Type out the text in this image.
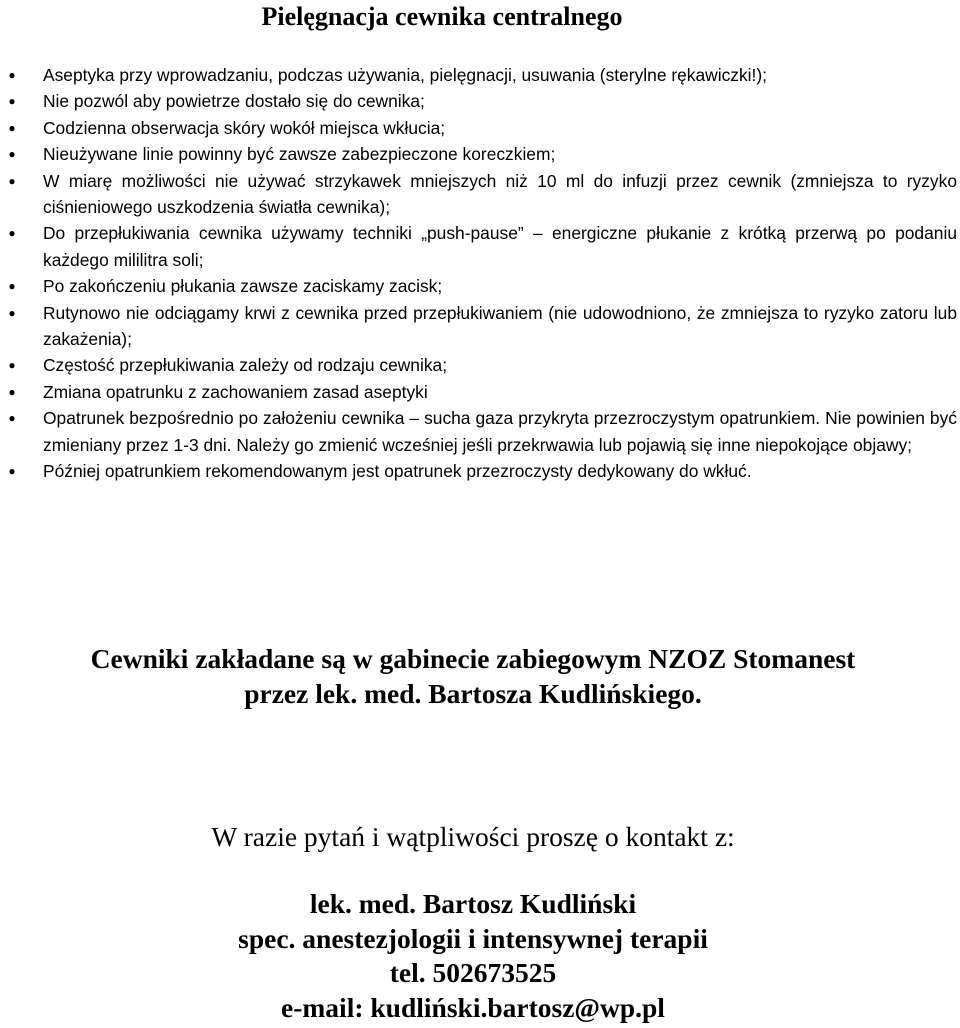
Pielęgnacja cewnika centralnego
● Aseptyka przy wprowadzaniu, podczas używania, pielęgnacji, usuwania (sterylne rękawiczki!);
● Nie pozwól aby powietrze dostało się do cewnika;
● Codzienna obserwacja skóry wokół miejsca wkłucia;
● Nieużywane linie powinny być zawsze zabezpieczone koreczkiem;
● W miarę możliwości nie używać strzykawek mniejszych niż 10 ml do infuzji przez cewnik (zmniejsza to ryzyko ciśnieniowego uszkodzenia światła cewnika);
● Do przepłukiwania cewnika używamy techniki „push-pause” – energiczne płukanie z krótką przerwą po podaniu każdego mililitra soli;
● Po zakończeniu płukania zawsze zaciskamy zacisk;
● Rutynowo nie odciągamy krwi z cewnika przed przepłukiwaniem (nie udowodniono, że zmniejsza to ryzyko zatoru lub zakażenia);
● Częstość przepłukiwania zależy od rodzaju cewnika;
● Zmiana opatrunku z zachowaniem zasad aseptyki
● Opatrunek bezpośrednio po założeniu cewnika – sucha gaza przykryta przezroczystym opatrunkiem. Nie powinien być zmieniany przez 1-3 dni. Należy go zmienić wcześniej jeśli przekrwawia lub pojawią się inne niepokojące objawy;
● Później opatrunkiem rekomendowanym jest opatrunek przezroczysty dedykowany do wkłuć.
Cewniki zakładane są w gabinecie zabiegowym NZOZ Stomanest
przez lek. med. Bartosza Kudlińskiego.
W razie pytań i wątpliwości proszę o kontakt z:
lek. med. Bartosz Kudliński
spec. anestezjologii i intensywnej terapii
tel. 502673525
e-mail: kudliński.bartosz@wp.pl
